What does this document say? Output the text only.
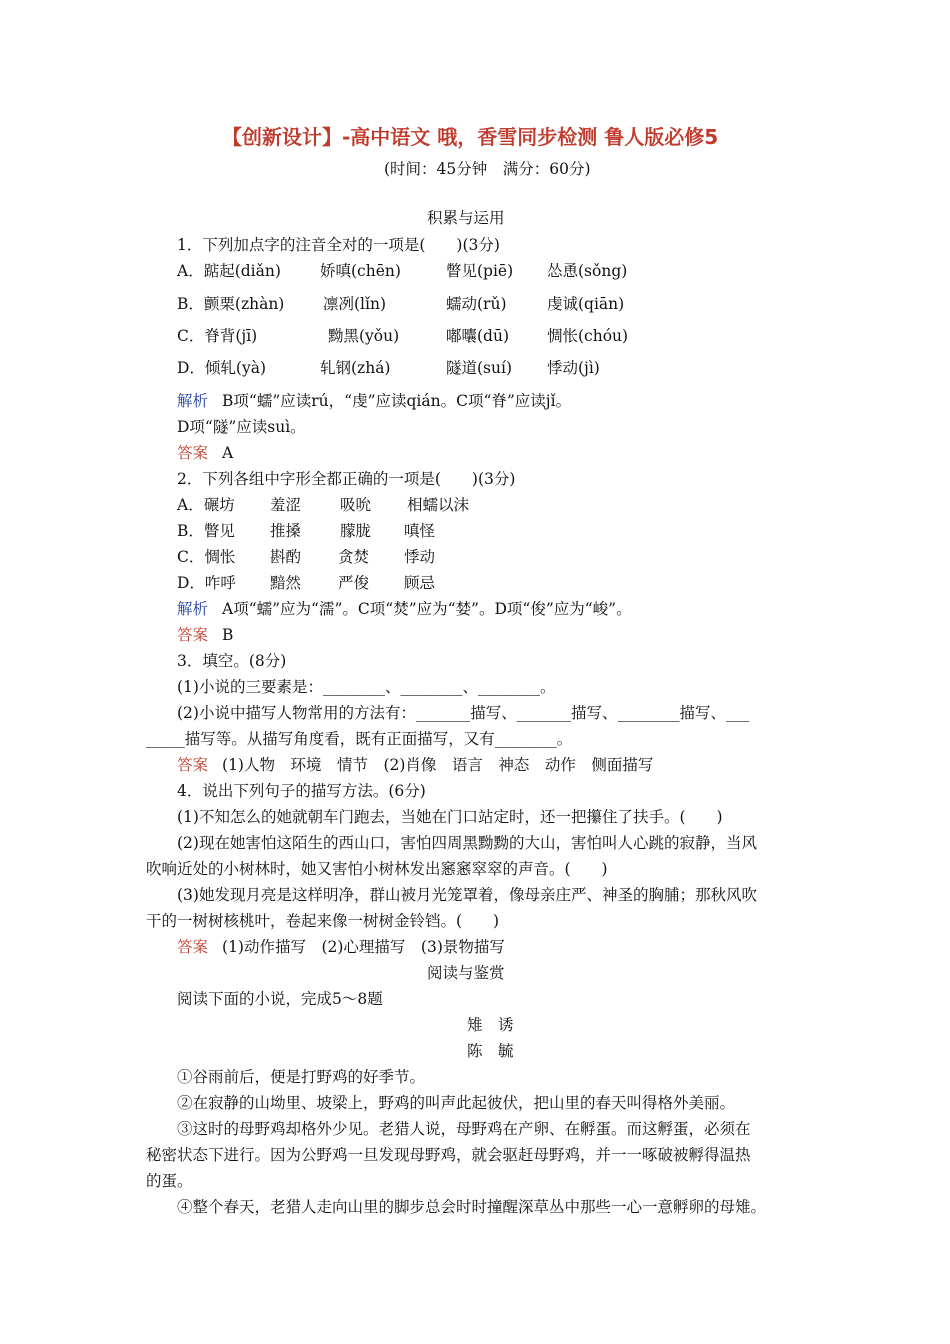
【创新设计】-高中语文 哦，香雪同步检测 鲁人版必修5
(时间：45分钟　满分：60分)
积累与运用
1．下列加点字的注音全对的一项是(　　)(3分)
A．踮起(diǎn)	娇嗔(chēn)	瞥见(piē) 怂恿(sǒng)
B．颤栗(zhàn) 凛冽(lǐn)	蠕动(rǔ)	虔诚(qiān)
C．脊背(jī)	黝黑(yǒu)	嘟囔(dū) 惆怅(chóu)
D．倾轧(yà)	轧钢(zhá)	隧道(suí) 悸动(jì)
解析 B项“蠕”应读rú，“虔”应读qián。C项“脊”应读jǐ。
D项“隧”应读suì。
答案 A
2．下列各组中字形全都正确的一项是(　　)(3分)
A．碾坊 羞涩	吸吮 相蠕以沫
B．瞥见 推搡	朦胧 嗔怪
C．惆怅 斟酌 贪焚 悸动
D．咋呼 黯然 严俊 顾忌
解析 A项“蠕”应为“濡”。C项“焚”应为“婪”。D项“俊”应为“峻”。
答案 B
3．填空。(8分)
(1)小说的三要素是：________、________、________。
(2)小说中描写人物常用的方法有：_______描写、_______描写、________描写、___
_____描写等。从描写角度看，既有正面描写，又有________。
答案 (1)人物　环境　情节　(2)肖像　语言　神态　动作　侧面描写
4．说出下列句子的描写方法。(6分)
(1)不知怎么的她就朝车门跑去，当她在门口站定时，还一把攥住了扶手。(　　)
(2)现在她害怕这陌生的西山口，害怕四周黑黝黝的大山，害怕叫人心跳的寂静，当风
吹响近处的小树林时，她又害怕小树林发出窸窸窣窣的声音。(　　)
(3)她发现月亮是这样明净，群山被月光笼罩着，像母亲庄严、神圣的胸脯；那秋风吹
干的一树树核桃叶，卷起来像一树树金铃铛。(　　)
答案 (1)动作描写　(2)心理描写　(3)景物描写
阅读与鉴赏
阅读下面的小说，完成5～8题
雉　诱
陈　毓
①谷雨前后，便是打野鸡的好季节。
②在寂静的山坳里、坡梁上，野鸡的叫声此起彼伏，把山里的春天叫得格外美丽。
③这时的母野鸡却格外少见。老猎人说，母野鸡在产卵、在孵蛋。而这孵蛋，必须在
秘密状态下进行。因为公野鸡一旦发现母野鸡，就会驱赶母野鸡，并一一啄破被孵得温热
的蛋。
④整个春天，老猎人走向山里的脚步总会时时撞醒深草丛中那些一心一意孵卵的母雉。
